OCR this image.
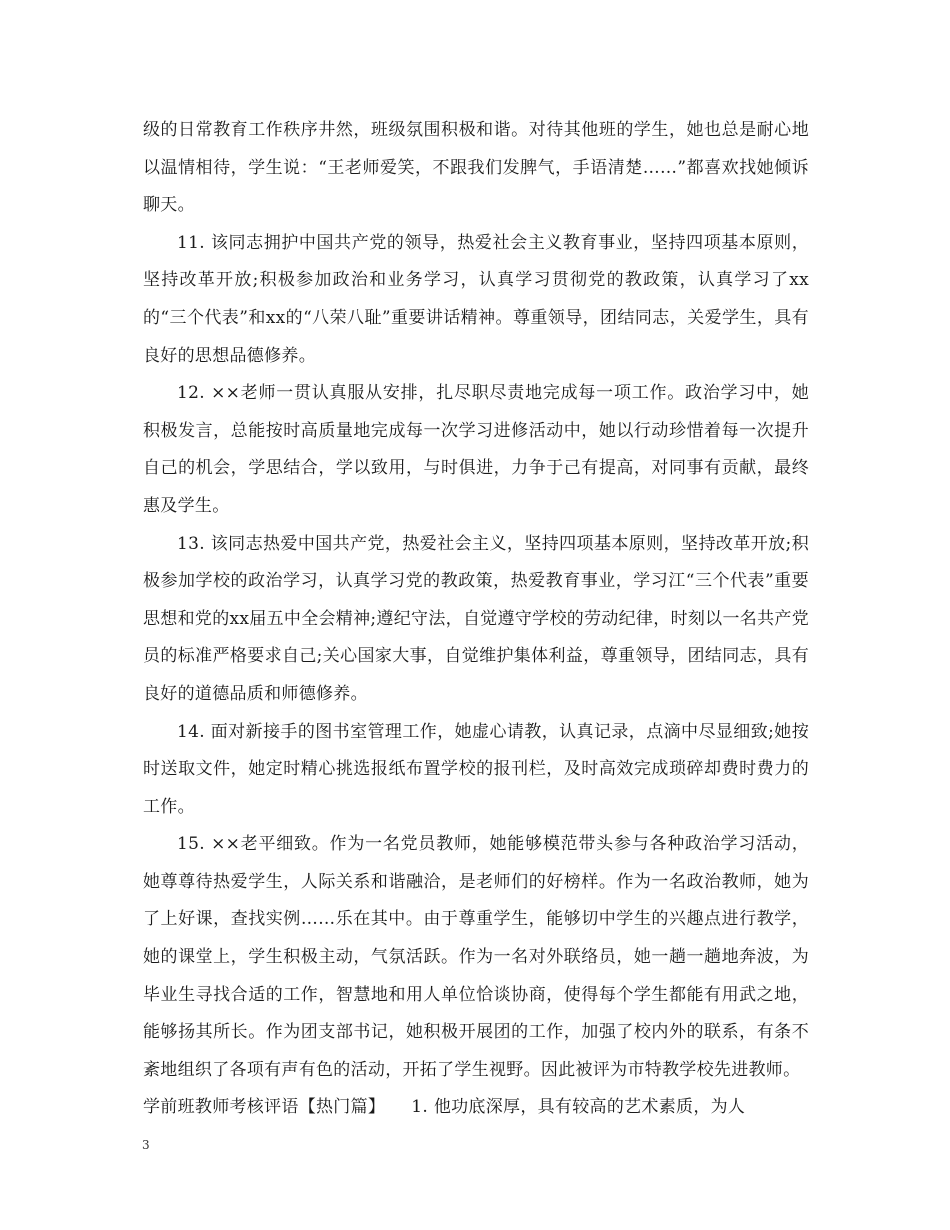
级的日常教育工作秩序井然，班级氛围积极和谐。对待其他班的学生，她也总是耐心地以温情相待，学生说：“王老师爱笑，不跟我们发脾气，手语清楚……”都喜欢找她倾诉聊天。

11. 该同志拥护中国共产党的领导，热爱社会主义教育事业，坚持四项基本原则，坚持改革开放;积极参加政治和业务学习，认真学习贯彻党的教政策，认真学习了xx的“三个代表”和xx的“八荣八耻”重要讲话精神。尊重领导，团结同志，关爱学生，具有良好的思想品德修养。

12. ××老师一贯认真服从安排，扎尽职尽责地完成每一项工作。政治学习中，她积极发言，总能按时高质量地完成每一次学习进修活动中，她以行动珍惜着每一次提升自己的机会，学思结合，学以致用，与时俱进，力争于己有提高，对同事有贡献，最终惠及学生。

13. 该同志热爱中国共产党，热爱社会主义，坚持四项基本原则，坚持改革开放;积极参加学校的政治学习，认真学习党的教政策，热爱教育事业，学习江“三个代表”重要思想和党的xx届五中全会精神;遵纪守法，自觉遵守学校的劳动纪律，时刻以一名共产党员的标准严格要求自己;关心国家大事，自觉维护集体利益，尊重领导，团结同志，具有良好的道德品质和师德修养。

14. 面对新接手的图书室管理工作，她虚心请教，认真记录，点滴中尽显细致;她按时送取文件，她定时精心挑选报纸布置学校的报刊栏，及时高效完成琐碎却费时费力的工作。

15. ××老平细致。作为一名党员教师，她能够模范带头参与各种政治学习活动，她尊尊待热爱学生，人际关系和谐融洽，是老师们的好榜样。作为一名政治教师，她为了上好课，查找实例……乐在其中。由于尊重学生，能够切中学生的兴趣点进行教学，她的课堂上，学生积极主动，气氛活跃。作为一名对外联络员，她一趟一趟地奔波，为毕业生寻找合适的工作，智慧地和用人单位恰谈协商，使得每个学生都能有用武之地，能够扬其所长。作为团支部书记，她积极开展团的工作，加强了校内外的联系，有条不紊地组织了各项有声有色的活动，开拓了学生视野。因此被评为市特教学校先进教师。

学前班教师考核评语【热门篇】　　1. 他功底深厚，具有较高的艺术素质，为人

3
